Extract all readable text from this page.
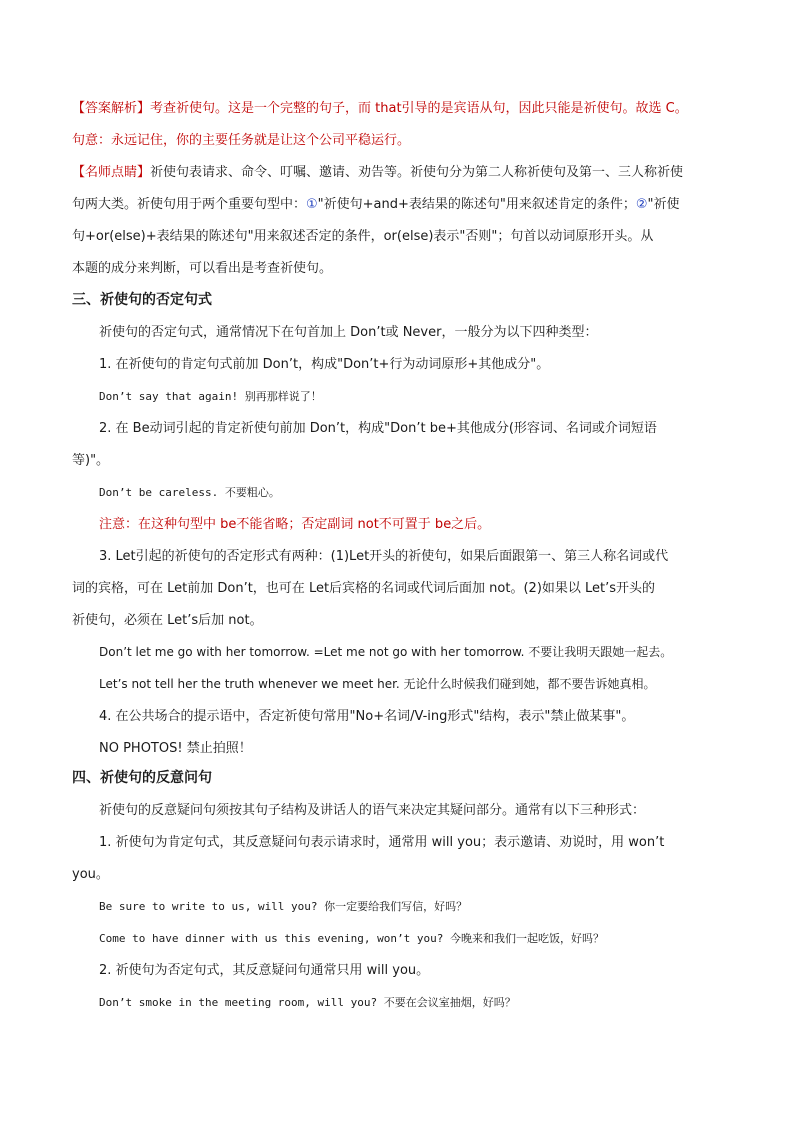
【答案解析】考查祈使句。这是一个完整的句子，而 that引导的是宾语从句，因此只能是祈使句。故选 C。

句意：永远记住，你的主要任务就是让这个公司平稳运行。

【名师点睛】祈使句表请求、命令、叮嘱、邀请、劝告等。祈使句分为第二人称祈使句及第一、三人称祈使

句两大类。祈使句用于两个重要句型中：①"祈使句+and+表结果的陈述句"用来叙述肯定的条件；②"祈使

句+or(else)+表结果的陈述句"用来叙述否定的条件，or(else)表示"否则"；句首以动词原形开头。从

本题的成分来判断，可以看出是考查祈使句。

三、祈使句的否定句式

祈使句的否定句式，通常情况下在句首加上 Don’t或 Never，一般分为以下四种类型：

1. 在祈使句的肯定句式前加 Don’t，构成"Don’t+行为动词原形+其他成分"。

Don’t say that again! 别再那样说了！

2. 在 Be动词引起的肯定祈使句前加 Don’t，构成"Don’t be+其他成分(形容词、名词或介词短语

等)"。

Don’t be careless. 不要粗心。

注意：在这种句型中 be不能省略；否定副词 not不可置于 be之后。

3. Let引起的祈使句的否定形式有两种：(1)Let开头的祈使句，如果后面跟第一、第三人称名词或代

词的宾格，可在 Let前加 Don’t，也可在 Let后宾格的名词或代词后面加 not。(2)如果以 Let’s开头的

祈使句，必须在 Let’s后加 not。

Don’t let me go with her tomorrow. =Let me not go with her tomorrow. 不要让我明天跟她一起去。

Let’s not tell her the truth whenever we meet her. 无论什么时候我们碰到她，都不要告诉她真相。

4. 在公共场合的提示语中，否定祈使句常用"No+名词/V-ing形式"结构，表示"禁止做某事"。

NO PHOTOS! 禁止拍照！

四、祈使句的反意问句

祈使句的反意疑问句须按其句子结构及讲话人的语气来决定其疑问部分。通常有以下三种形式：

1. 祈使句为肯定句式，其反意疑问句表示请求时，通常用 will you；表示邀请、劝说时，用 won’t

you。

Be sure to write to us, will you? 你一定要给我们写信，好吗？

Come to have dinner with us this evening, won’t you? 今晚来和我们一起吃饭，好吗？

2. 祈使句为否定句式，其反意疑问句通常只用 will you。

Don’t smoke in the meeting room, will you? 不要在会议室抽烟，好吗？
